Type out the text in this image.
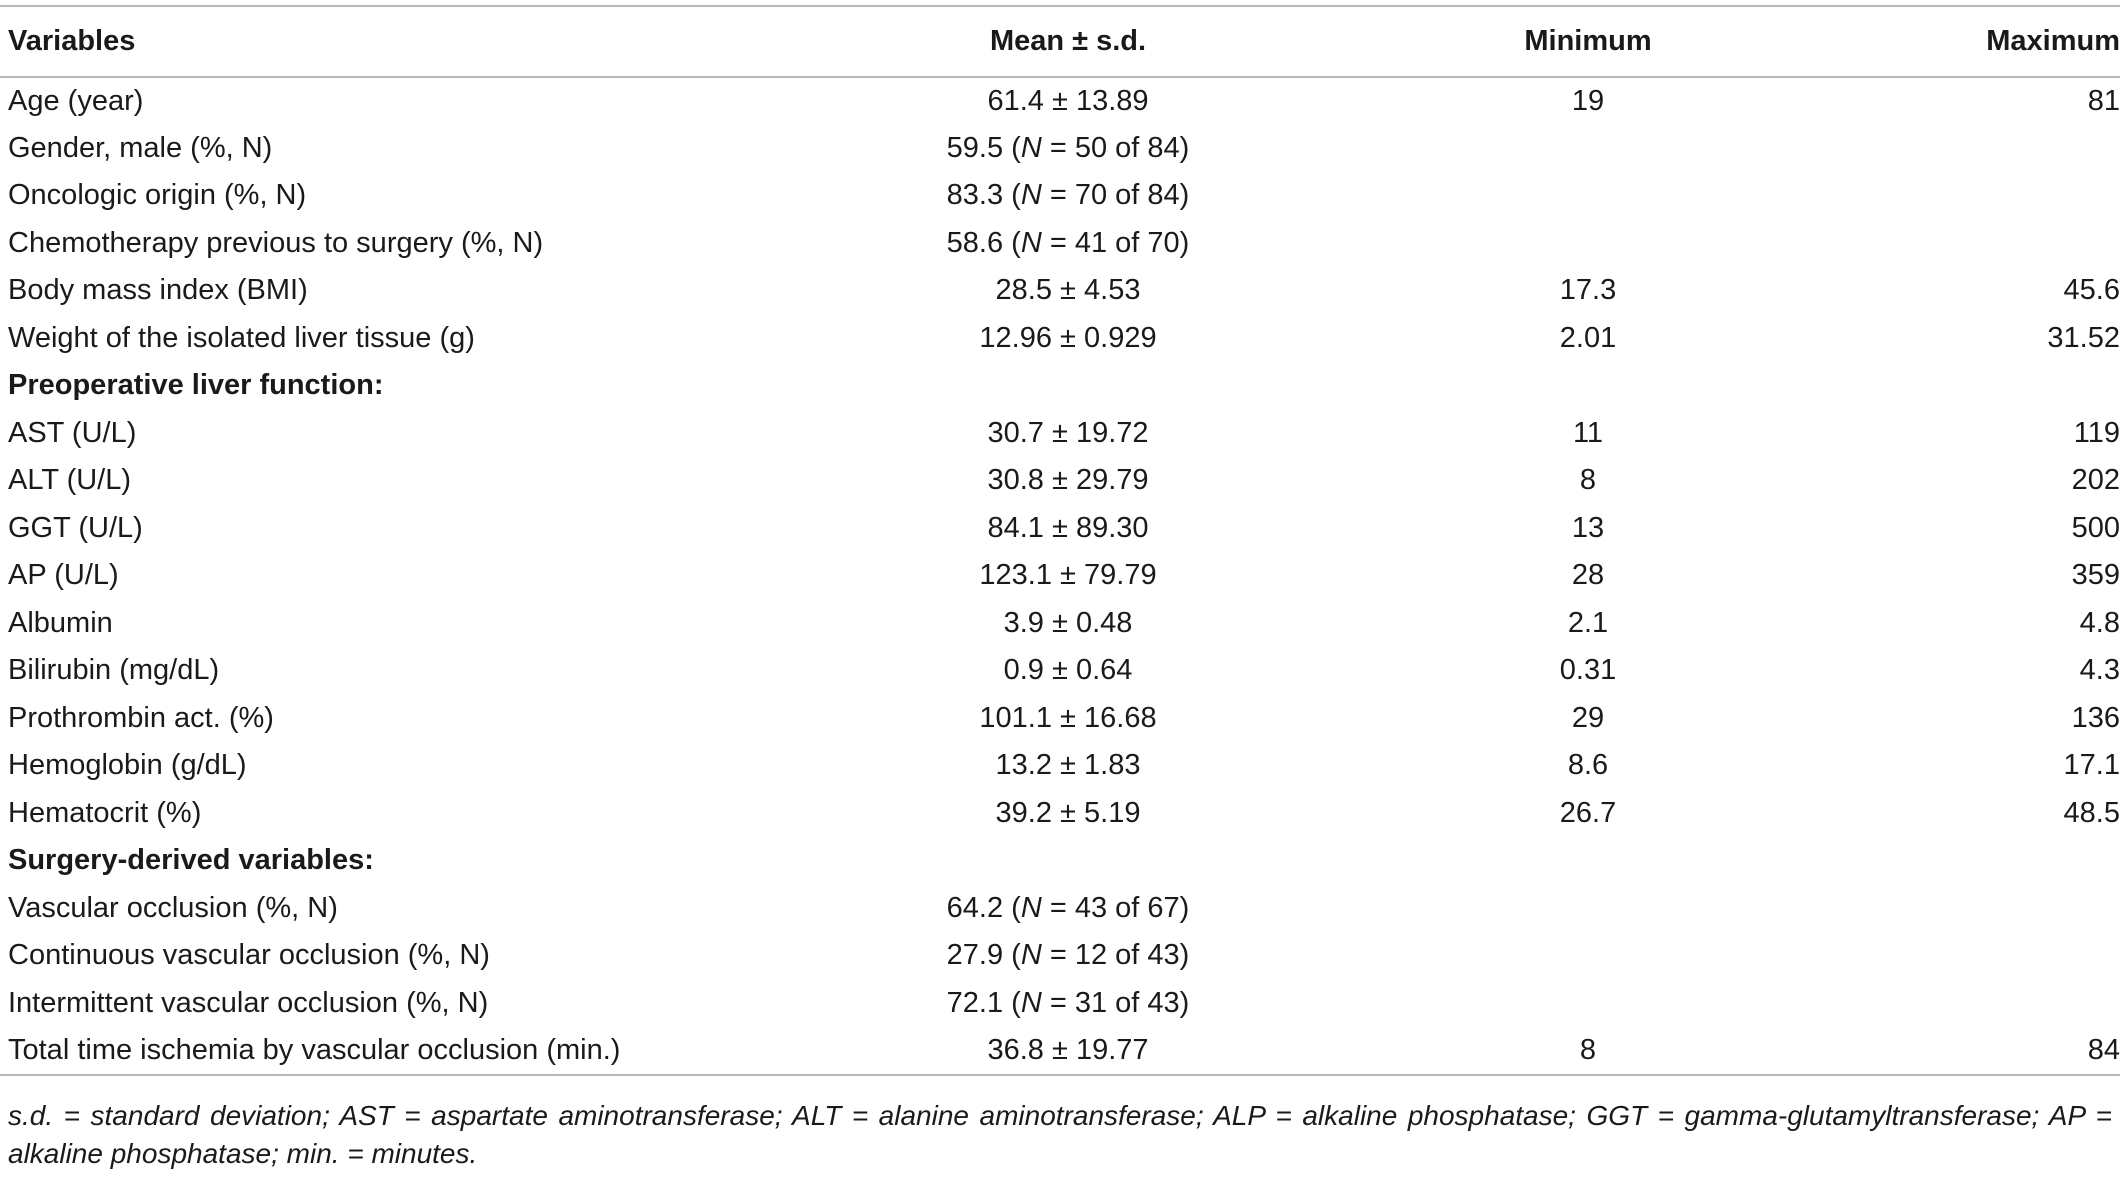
Variables	Mean ± s.d.	Minimum	Maximum
Age (year)	61.4 ± 13.89	19	81
Gender, male (%, N)	59.5 (N = 50 of 84)		
Oncologic origin (%, N)	83.3 (N = 70 of 84)		
Chemotherapy previous to surgery (%, N)	58.6 (N = 41 of 70)		
Body mass index (BMI)	28.5 ± 4.53	17.3	45.6
Weight of the isolated liver tissue (g)	12.96 ± 0.929	2.01	31.52
Preoperative liver function:			
AST (U/L)	30.7 ± 19.72	11	119
ALT (U/L)	30.8 ± 29.79	8	202
GGT (U/L)	84.1 ± 89.30	13	500
AP (U/L)	123.1 ± 79.79	28	359
Albumin	3.9 ± 0.48	2.1	4.8
Bilirubin (mg/dL)	0.9 ± 0.64	0.31	4.3
Prothrombin act. (%)	101.1 ± 16.68	29	136
Hemoglobin (g/dL)	13.2 ± 1.83	8.6	17.1
Hematocrit (%)	39.2 ± 5.19	26.7	48.5
Surgery-derived variables:			
Vascular occlusion (%, N)	64.2 (N = 43 of 67)		
Continuous vascular occlusion (%, N)	27.9 (N = 12 of 43)		
Intermittent vascular occlusion (%, N)	72.1 (N = 31 of 43)		
Total time ischemia by vascular occlusion (min.)	36.8 ± 19.77	8	84

s.d. = standard deviation; AST = aspartate aminotransferase; ALT = alanine aminotransferase; ALP = alkaline phosphatase; GGT = gamma-glutamyltransferase; AP = alkaline phosphatase; min. = minutes.
